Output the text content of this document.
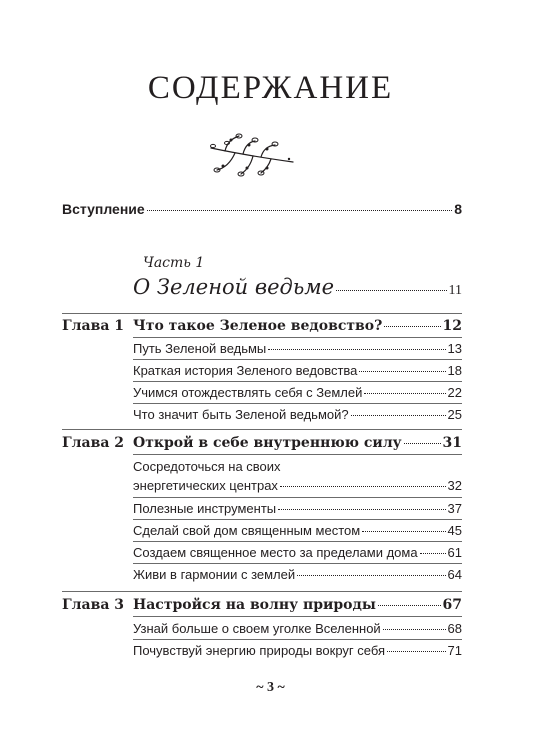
СОДЕРЖАНИЕ
Вступление	8
Часть 1
О Зеленой ведьме	11
Глава 1 Что такое Зеленое ведовство?	12
Путь Зеленой ведьмы	13
Краткая история Зеленого ведовства	18
Учимся отождествлять себя с Землей	22
Что значит быть Зеленой ведьмой?	25
Глава 2 Открой в себе внутреннюю силу	31
Сосредоточься на своих
энергетических центрах	32
Полезные инструменты	37
Сделай свой дом священным местом	45
Создаем священное место за пределами дома 61
Живи в гармонии с землей	64
Глава 3 Настройся на волну природы	67
Узнай больше о своем уголке Вселенной	68
Почувствуй энергию природы вокруг себя	71
~ 3 ~
